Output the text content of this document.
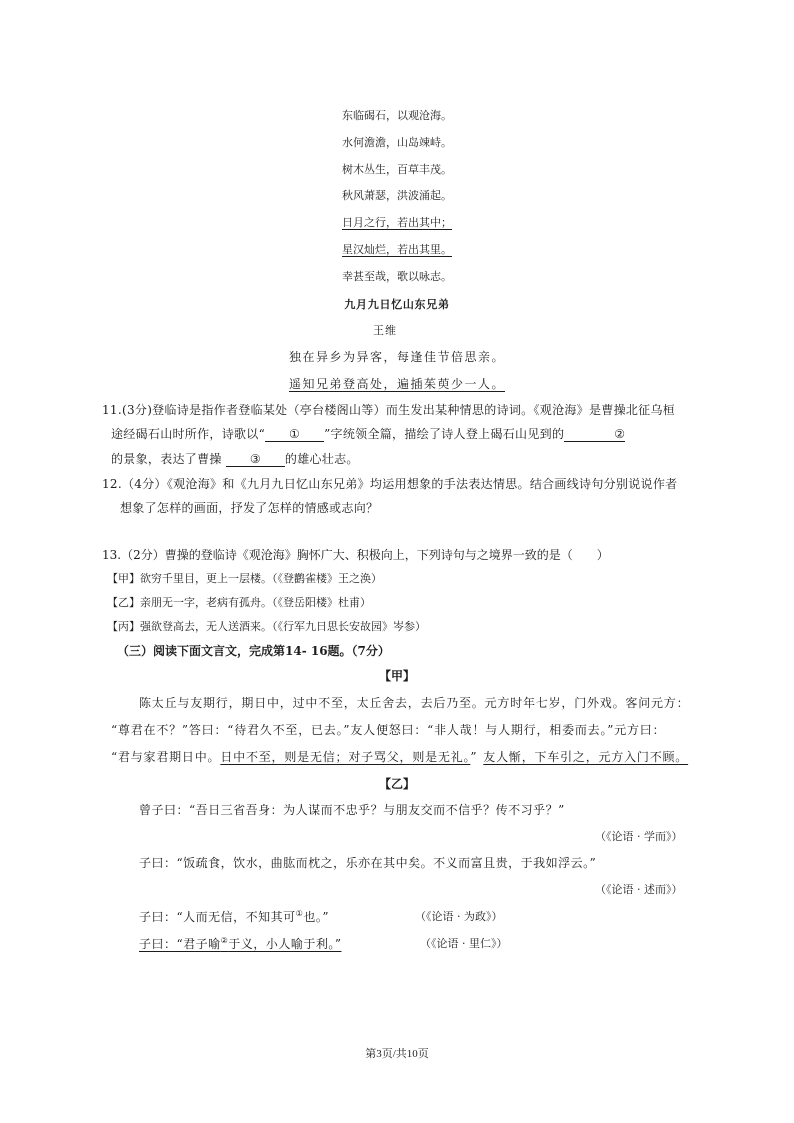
东临碣石，以观沧海。
水何澹澹，山岛竦峙。
树木丛生，百草丰茂。
秋风萧瑟，洪波涌起。
日月之行，若出其中；
星汉灿烂，若出其里。
幸甚至哉，歌以咏志。
九月九日忆山东兄弟
王维
独在异乡为异客，每逢佳节倍思亲。
遥知兄弟登高处，遍插茱萸少一人。
11.(3分)登临诗是指作者登临某处（亭台楼阁山等）而生发出某种情思的诗词。《观沧海》是曹操北征乌桓
途经碣石山时所作，诗歌以“ ① ”字统领全篇，描绘了诗人登上碣石山见到的	②
的景象，表达了曹操 ③ 的雄心壮志。
12.（4分）《观沧海》和《九月九日忆山东兄弟》均运用想象的手法表达情思。结合画线诗句分别说说作者
想象了怎样的画面，抒发了怎样的情感或志向？
13.（2分）曹操的登临诗《观沧海》胸怀广大、积极向上，下列诗句与之境界一致的是（　　）
【甲】欲穷千里目，更上一层楼。（《登鹳雀楼》王之涣）
【乙】亲朋无一字，老病有孤舟。（《登岳阳楼》杜甫）
【丙】强欲登高去，无人送酒来。（《行军九日思长安故园》岑参）
（三）阅读下面文言文，完成第14- 16题。（7分）
【甲】
陈太丘与友期行，期日中，过中不至，太丘舍去，去后乃至。元方时年七岁，门外戏。客问元方：
“尊君在不？”答曰：“待君久不至，已去。”友人便怒曰：“非人哉！与人期行，相委而去。”元方曰：
“君与家君期日中。日中不至，则是无信；对子骂父，则是无礼。” 友人惭，下车引之，元方入门不顾。
【乙】
曾子曰：“吾日三省吾身：为人谋而不忠乎？与朋友交而不信乎？传不习乎？”
（《论语 · 学而》）
子曰：“饭疏食，饮水，曲肱而枕之，乐亦在其中矣。不义而富且贵，于我如浮云。”
（《论语 · 述而》）
子曰：“人而无信，不知其可①也。”	（《论语 · 为政》）
子曰：“君子喻②于义，小人喻于利。”	（《论语 · 里仁》）
第3页/共10页
